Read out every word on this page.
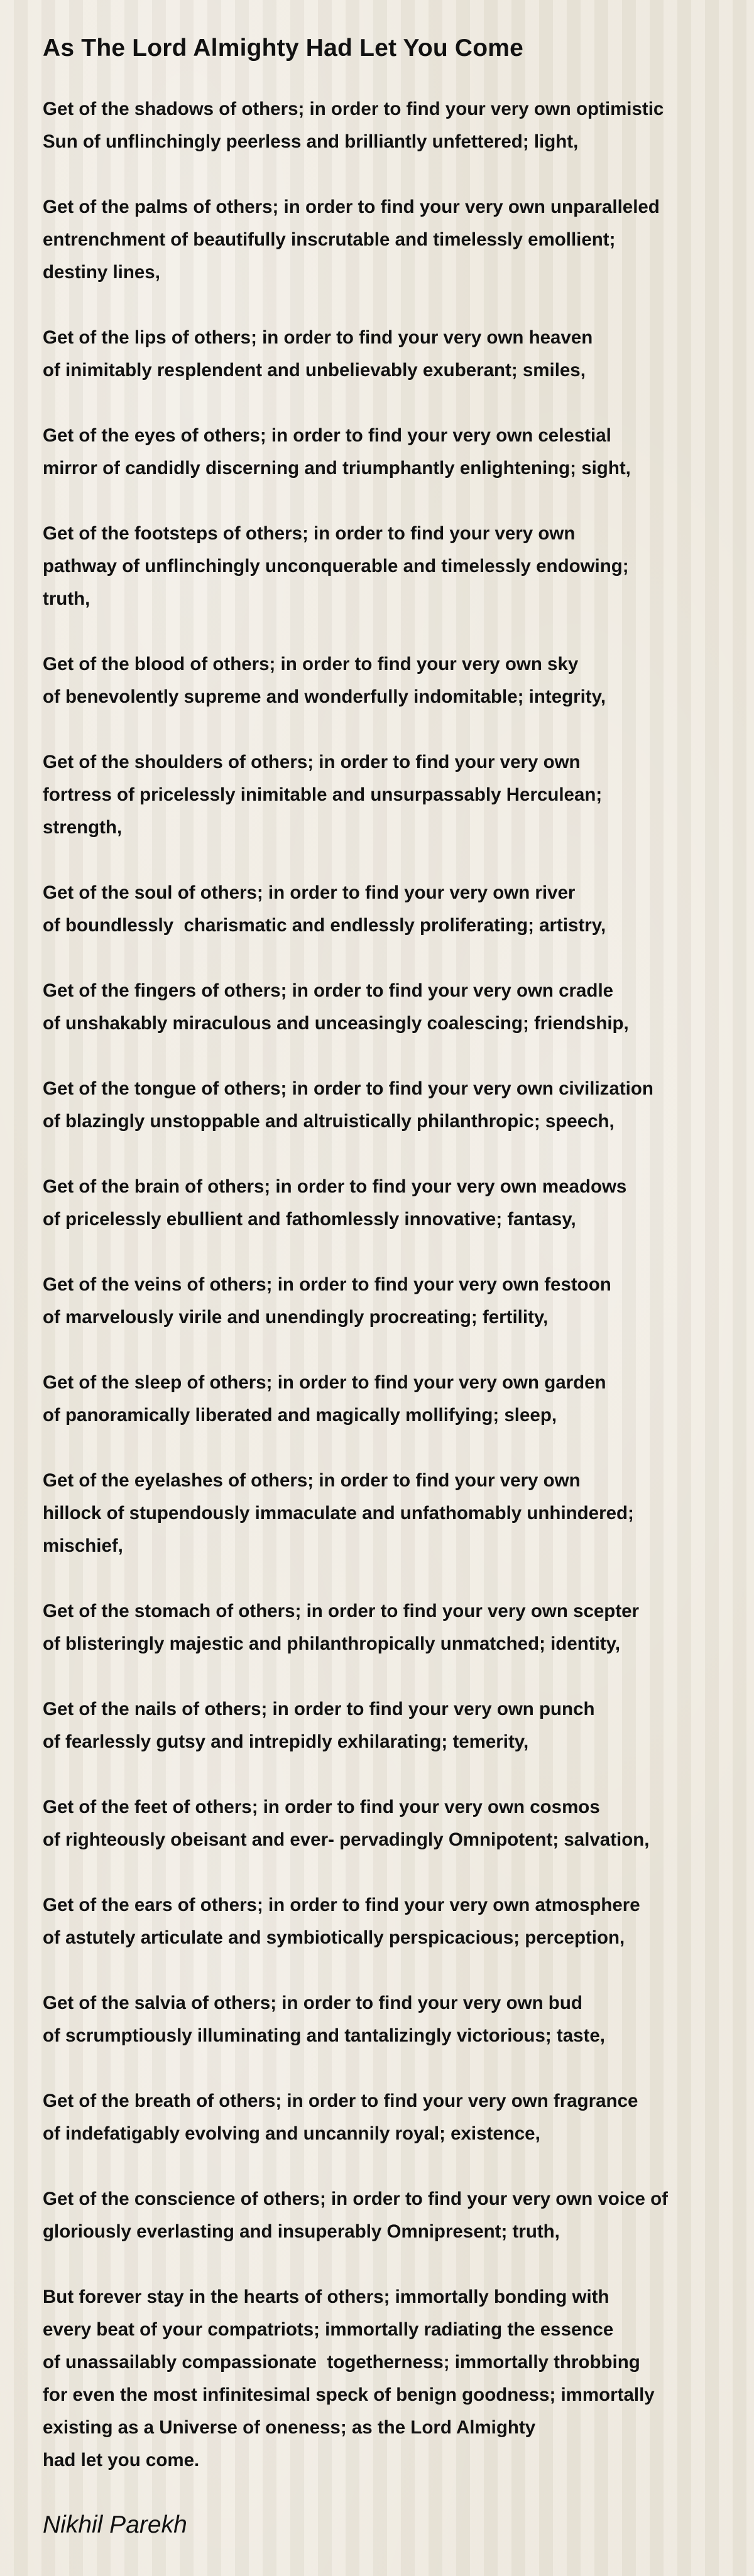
As The Lord Almighty Had Let You Come
Get of the shadows of others; in order to find your very own optimistic
Sun of unflinchingly peerless and brilliantly unfettered; light,
Get of the palms of others; in order to find your very own unparalleled
entrenchment of beautifully inscrutable and timelessly emollient;
destiny lines,
Get of the lips of others; in order to find your very own heaven
of inimitably resplendent and unbelievably exuberant; smiles,
Get of the eyes of others; in order to find your very own celestial
mirror of candidly discerning and triumphantly enlightening; sight,
Get of the footsteps of others; in order to find your very own
pathway of unflinchingly unconquerable and timelessly endowing;
truth,
Get of the blood of others; in order to find your very own sky
of benevolently supreme and wonderfully indomitable; integrity,
Get of the shoulders of others; in order to find your very own
fortress of pricelessly inimitable and unsurpassably Herculean;
strength,
Get of the soul of others; in order to find your very own river
of boundlessly  charismatic and endlessly proliferating; artistry,
Get of the fingers of others; in order to find your very own cradle
of unshakably miraculous and unceasingly coalescing; friendship,
Get of the tongue of others; in order to find your very own civilization
of blazingly unstoppable and altruistically philanthropic; speech,
Get of the brain of others; in order to find your very own meadows
of pricelessly ebullient and fathomlessly innovative; fantasy,
Get of the veins of others; in order to find your very own festoon
of marvelously virile and unendingly procreating; fertility,
Get of the sleep of others; in order to find your very own garden
of panoramically liberated and magically mollifying; sleep,
Get of the eyelashes of others; in order to find your very own
hillock of stupendously immaculate and unfathomably unhindered;
mischief,
Get of the stomach of others; in order to find your very own scepter
of blisteringly majestic and philanthropically unmatched; identity,
Get of the nails of others; in order to find your very own punch
of fearlessly gutsy and intrepidly exhilarating; temerity,
Get of the feet of others; in order to find your very own cosmos
of righteously obeisant and ever- pervadingly Omnipotent; salvation,
Get of the ears of others; in order to find your very own atmosphere
of astutely articulate and symbiotically perspicacious; perception,
Get of the salvia of others; in order to find your very own bud
of scrumptiously illuminating and tantalizingly victorious; taste,
Get of the breath of others; in order to find your very own fragrance
of indefatigably evolving and uncannily royal; existence,
Get of the conscience of others; in order to find your very own voice of
gloriously everlasting and insuperably Omnipresent; truth,
But forever stay in the hearts of others; immortally bonding with
every beat of your compatriots; immortally radiating the essence
of unassailably compassionate  togetherness; immortally throbbing
for even the most infinitesimal speck of benign goodness; immortally
existing as a Universe of oneness; as the Lord Almighty
had let you come.
Nikhil Parekh
